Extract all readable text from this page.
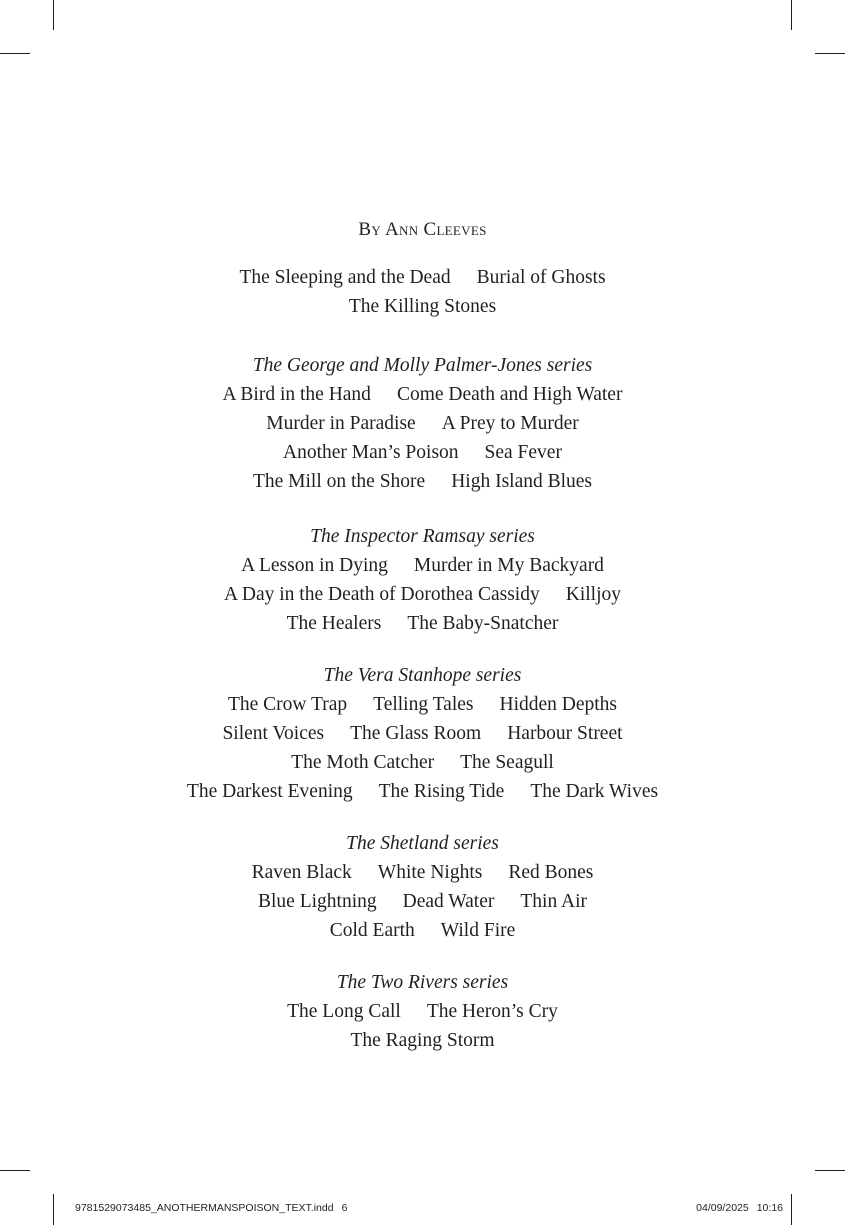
By Ann Cleeves
The Sleeping and the Dead Burial of Ghosts
The Killing Stones
The George and Molly Palmer-Jones series
A Bird in the Hand Come Death and High Water
Murder in Paradise A Prey to Murder
Another Man’s Poison Sea Fever
The Mill on the Shore High Island Blues
The Inspector Ramsay series
A Lesson in Dying Murder in My Backyard
A Day in the Death of Dorothea Cassidy Killjoy
The Healers The Baby-Snatcher
The Vera Stanhope series
The Crow Trap Telling Tales Hidden Depths
Silent Voices The Glass Room Harbour Street
The Moth Catcher The Seagull
The Darkest Evening The Rising Tide The Dark Wives
The Shetland series
Raven Black White Nights Red Bones
Blue Lightning Dead Water Thin Air
Cold Earth Wild Fire
The Two Rivers series
The Long Call The Heron’s Cry
The Raging Storm
9781529073485_ANOTHERMANSPOISON_TEXT.indd 6	04/09/2025 10:16
